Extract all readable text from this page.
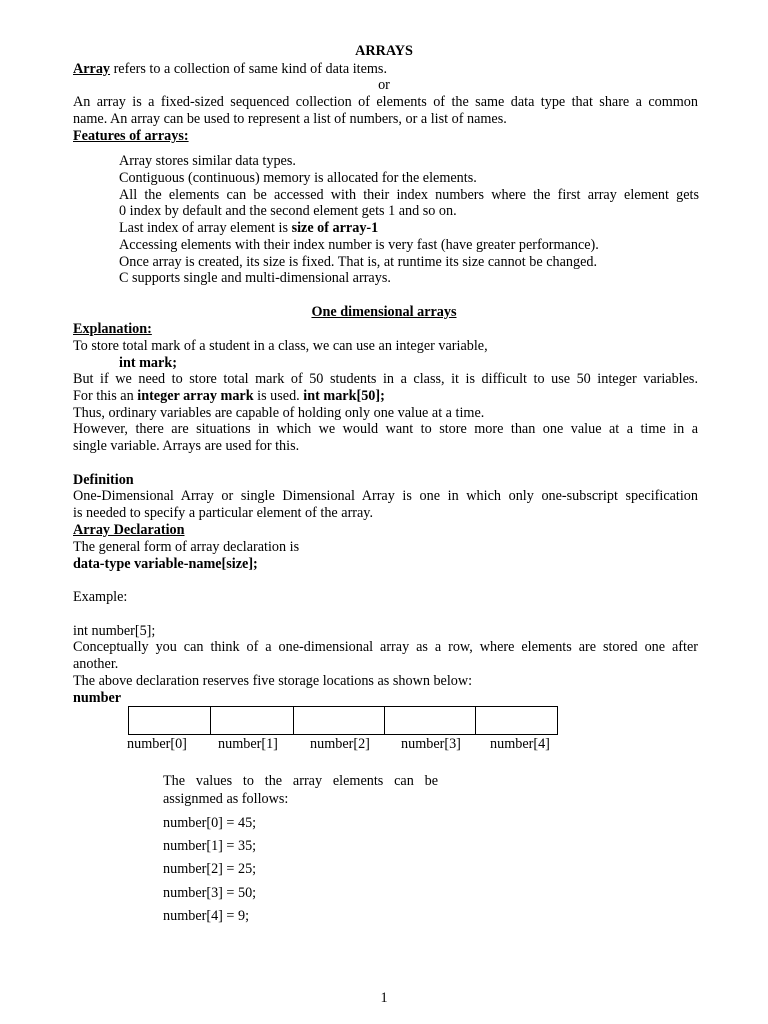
ARRAYS
Array refers to a collection of same kind of data items.
or
An array is a fixed-sized sequenced collection of elements of the same data type that share a common
name. An array can be used to represent a list of numbers, or a list of names.
Features of arrays:
Array stores similar data types.
Contiguous (continuous) memory is allocated for the elements.
All the elements can be accessed with their index numbers where the first array element gets
0 index by default and the second element gets 1 and so on.
Last index of array element is size of array-1
Accessing elements with their index number is very fast (have greater performance).
Once array is created, its size is fixed. That is, at runtime its size cannot be changed.
C supports single and multi-dimensional arrays.
One dimensional arrays
Explanation:
To store total mark of a student in a class, we can use an integer variable,
int mark;
But if we need to store total mark of 50 students in a class, it is difficult to use 50 integer variables.
For this an integer array mark is used. int mark[50];
Thus, ordinary variables are capable of holding only one value at a time.
However, there are situations in which we would want to store more than one value at a time in a
single variable. Arrays are used for this.
Definition
One-Dimensional Array or single Dimensional Array is one in which only one-subscript specification
is needed to specify a particular element of the array.
Array Declaration
The general form of array declaration is
data-type variable-name[size];
Example:
int number[5];
Conceptually you can think of a one-dimensional array as a row, where elements are stored one after
another.
The above declaration reserves five storage locations as shown below:
number
number[0] number[1] number[2] number[3] number[4]
The values to the array elements can be
assignmed as follows:
number[0] = 45;
number[1] = 35;
number[2] = 25;
number[3] = 50;
number[4] = 9;
1
